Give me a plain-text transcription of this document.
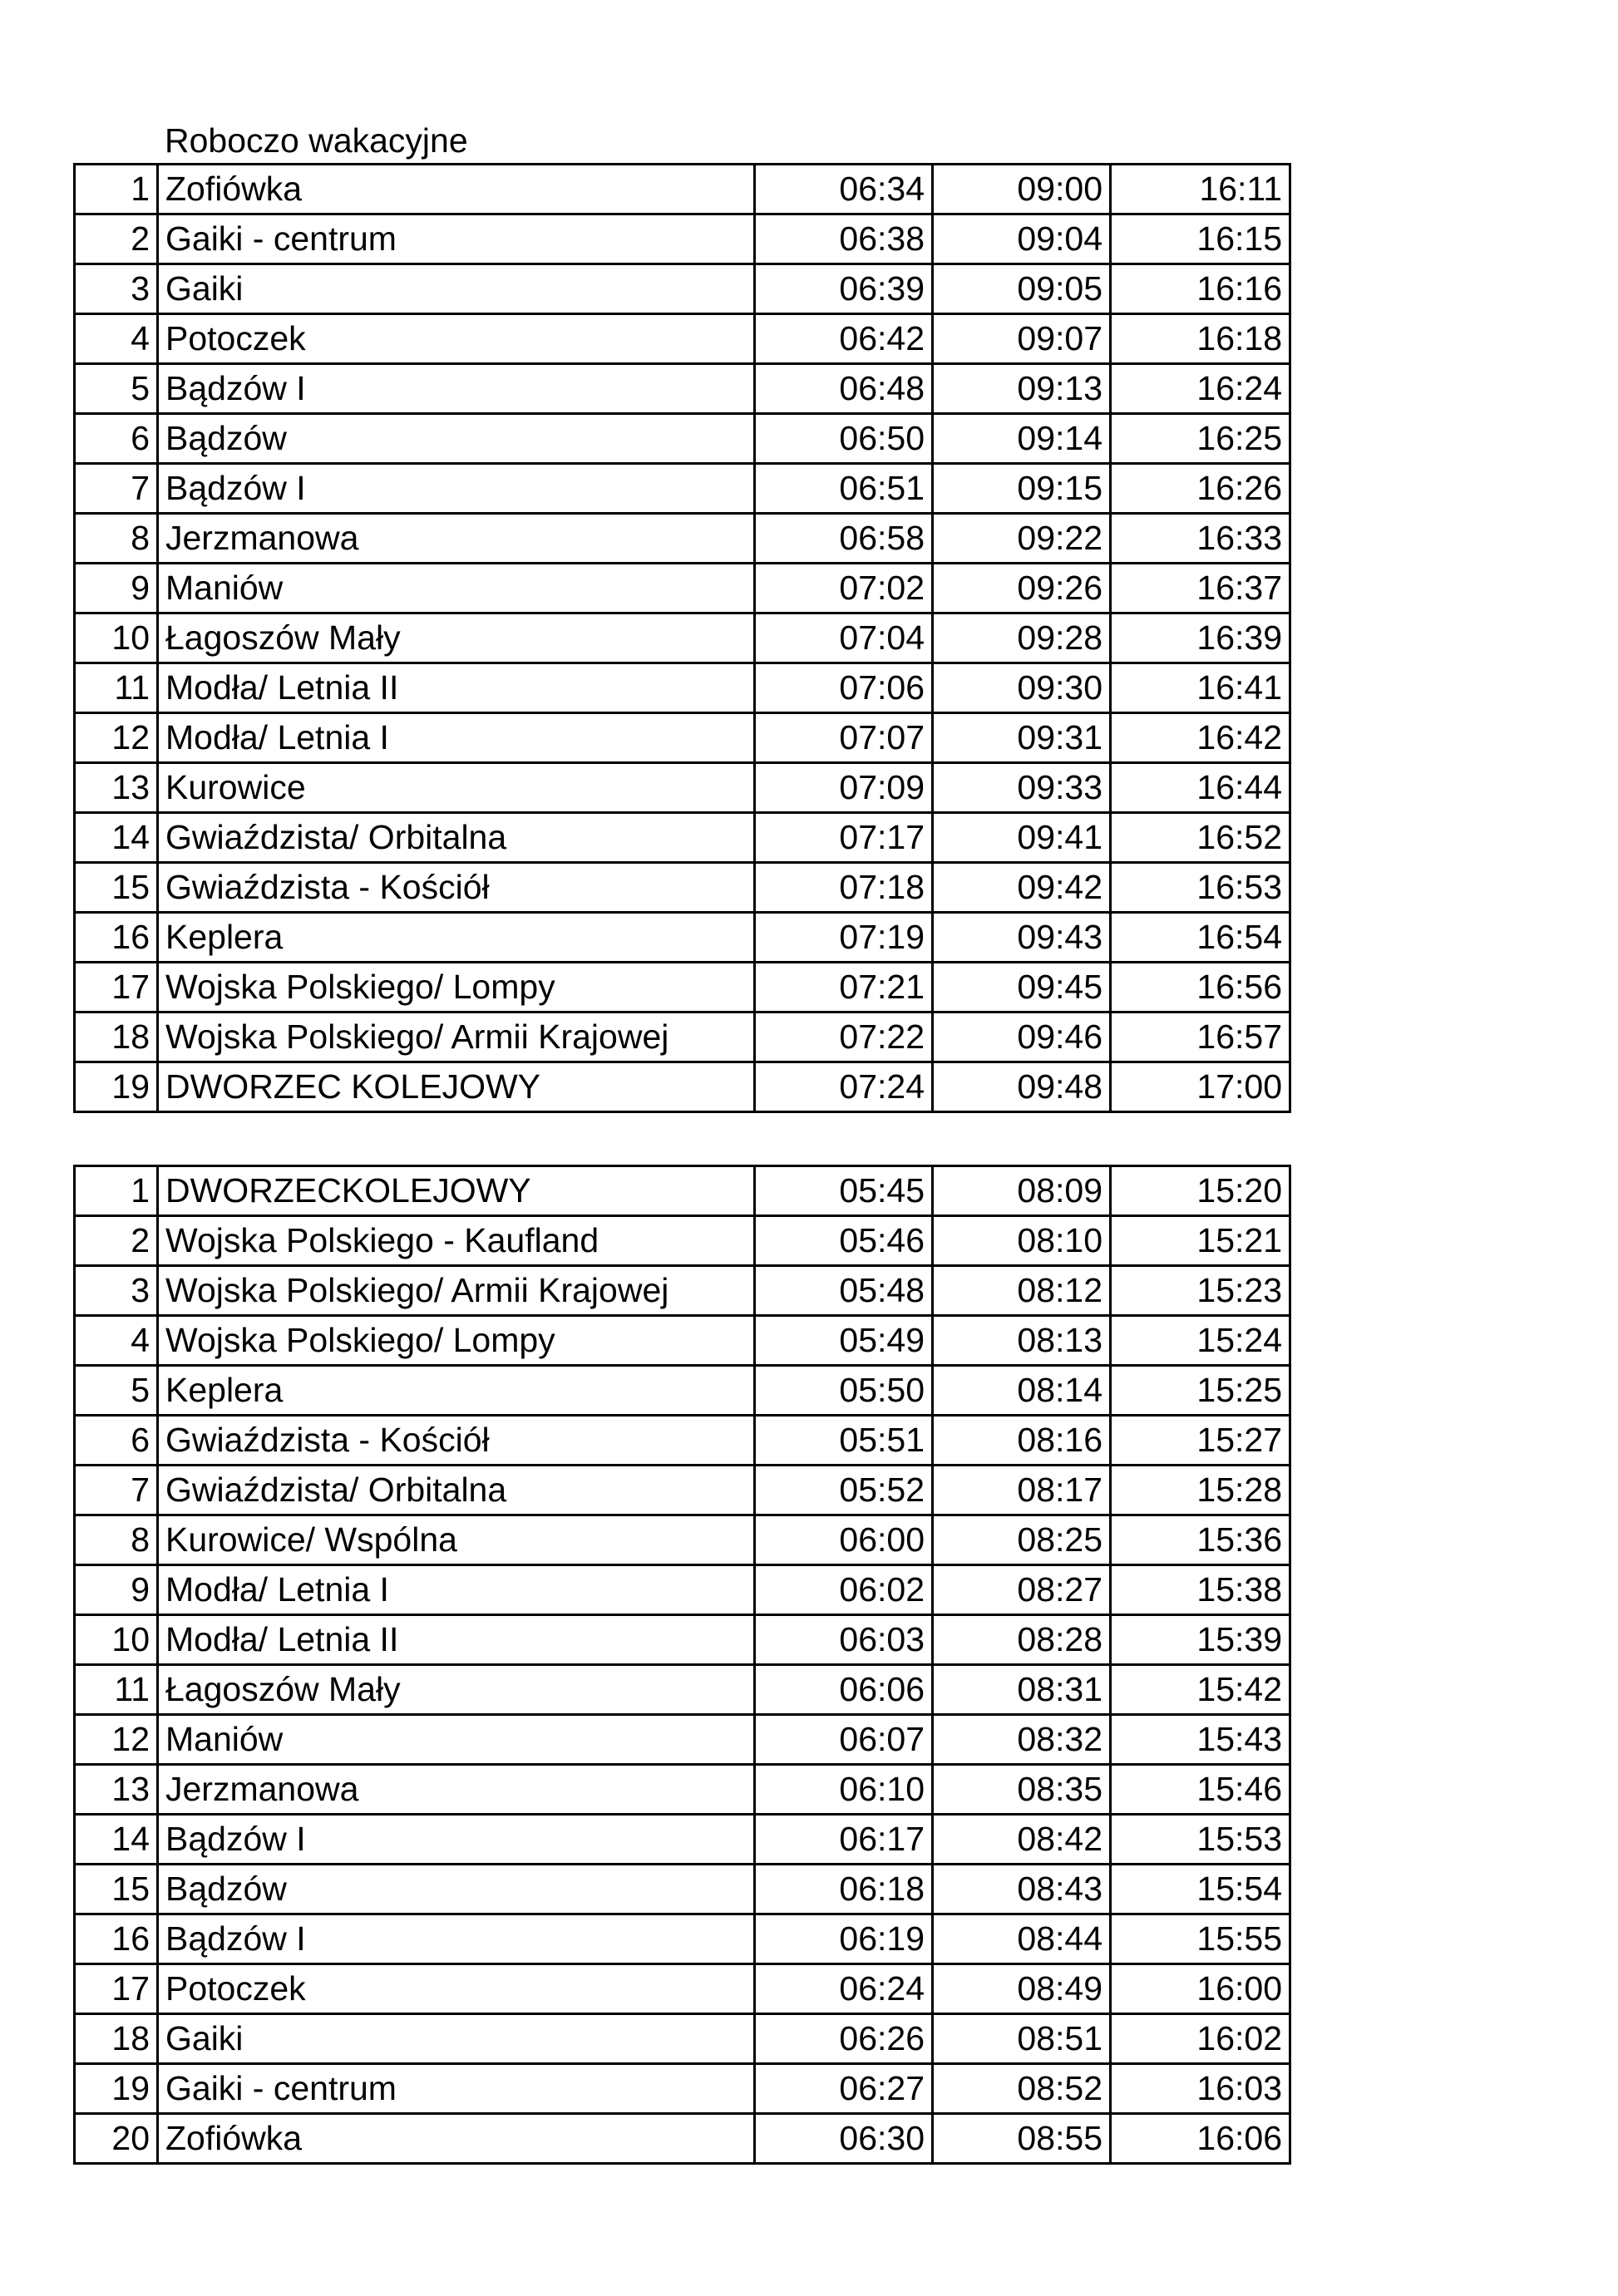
Roboczo wakacyjne
1	Zofiówka	06:34	09:00	16:11
2	Gaiki - centrum	06:38	09:04	16:15
3	Gaiki	06:39	09:05	16:16
4	Potoczek	06:42	09:07	16:18
5	Bądzów I	06:48	09:13	16:24
6	Bądzów	06:50	09:14	16:25
7	Bądzów I	06:51	09:15	16:26
8	Jerzmanowa	06:58	09:22	16:33
9	Maniów	07:02	09:26	16:37
10	Łagoszów Mały	07:04	09:28	16:39
11	Modła/ Letnia II	07:06	09:30	16:41
12	Modła/ Letnia I	07:07	09:31	16:42
13	Kurowice	07:09	09:33	16:44
14	Gwiaździsta/ Orbitalna	07:17	09:41	16:52
15	Gwiaździsta - Kościół	07:18	09:42	16:53
16	Keplera	07:19	09:43	16:54
17	Wojska Polskiego/ Lompy	07:21	09:45	16:56
18	Wojska Polskiego/ Armii Krajowej	07:22	09:46	16:57
19	DWORZEC KOLEJOWY	07:24	09:48	17:00
1	DWORZECKOLEJOWY	05:45	08:09	15:20
2	Wojska Polskiego - Kaufland	05:46	08:10	15:21
3	Wojska Polskiego/ Armii Krajowej	05:48	08:12	15:23
4	Wojska Polskiego/ Lompy	05:49	08:13	15:24
5	Keplera	05:50	08:14	15:25
6	Gwiaździsta - Kościół	05:51	08:16	15:27
7	Gwiaździsta/ Orbitalna	05:52	08:17	15:28
8	Kurowice/ Wspólna	06:00	08:25	15:36
9	Modła/ Letnia I	06:02	08:27	15:38
10	Modła/ Letnia II	06:03	08:28	15:39
11	Łagoszów Mały	06:06	08:31	15:42
12	Maniów	06:07	08:32	15:43
13	Jerzmanowa	06:10	08:35	15:46
14	Bądzów I	06:17	08:42	15:53
15	Bądzów	06:18	08:43	15:54
16	Bądzów I	06:19	08:44	15:55
17	Potoczek	06:24	08:49	16:00
18	Gaiki	06:26	08:51	16:02
19	Gaiki - centrum	06:27	08:52	16:03
20	Zofiówka	06:30	08:55	16:06
